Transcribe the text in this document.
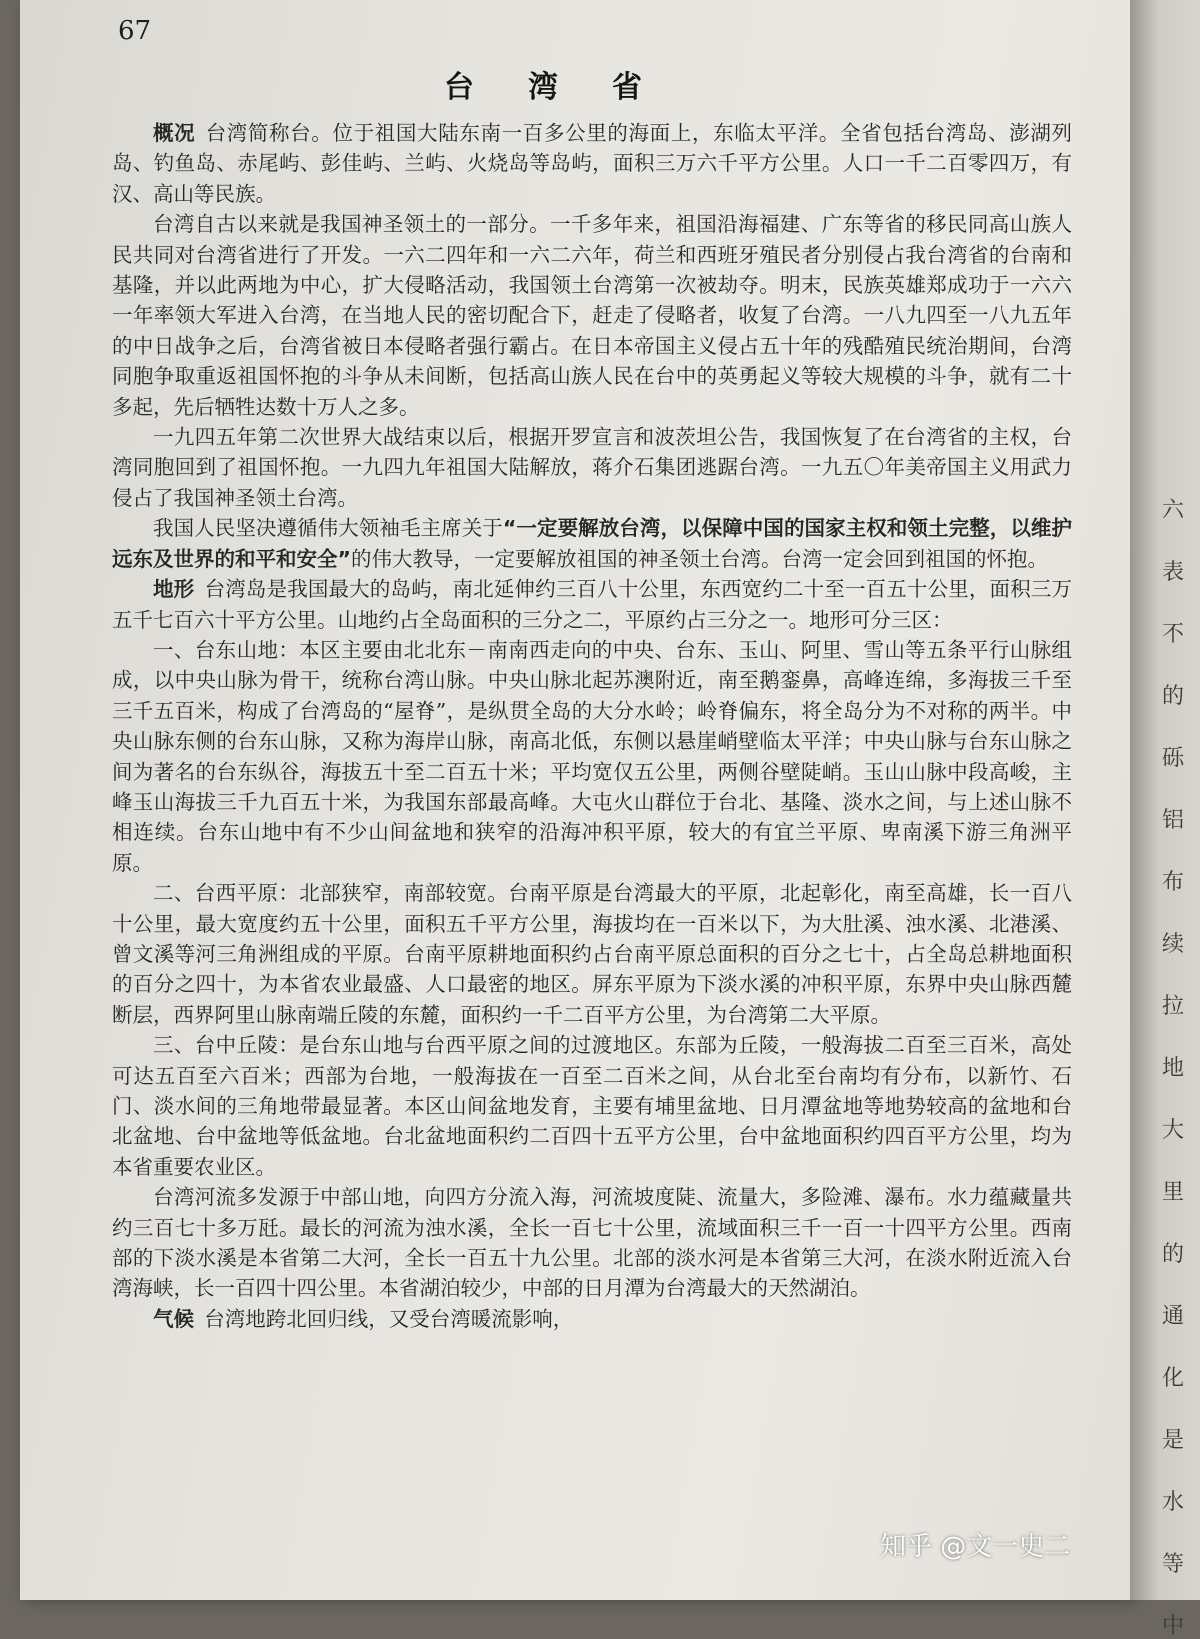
67
台湾省

概况 台湾简称台。位于祖国大陆东南一百多公里的海面上，东临太平洋。全省包括台湾岛、澎湖列岛、钓鱼岛、赤尾屿、彭佳屿、兰屿、火烧岛等岛屿，面积三万六千平方公里。人口一千二百零四万，有汉、高山等民族。

台湾自古以来就是我国神圣领土的一部分。一千多年来，祖国沿海福建、广东等省的移民同高山族人民共同对台湾省进行了开发。一六二四年和一六二六年，荷兰和西班牙殖民者分别侵占我台湾省的台南和基隆，并以此两地为中心，扩大侵略活动，我国领土台湾第一次被劫夺。明末，民族英雄郑成功于一六六一年率领大军进入台湾，在当地人民的密切配合下，赶走了侵略者，收复了台湾。一八九四至一八九五年的中日战争之后，台湾省被日本侵略者强行霸占。在日本帝国主义侵占五十年的残酷殖民统治期间，台湾同胞争取重返祖国怀抱的斗争从未间断，包括高山族人民在台中的英勇起义等较大规模的斗争，就有二十多起，先后牺牲达数十万人之多。

一九四五年第二次世界大战结束以后，根据开罗宣言和波茨坦公告，我国恢复了在台湾省的主权，台湾同胞回到了祖国怀抱。一九四九年祖国大陆解放，蒋介石集团逃踞台湾。一九五〇年美帝国主义用武力侵占了我国神圣领土台湾。

我国人民坚决遵循伟大领袖毛主席关于“一定要解放台湾，以保障中国的国家主权和领土完整，以维护远东及世界的和平和安全”的伟大教导，一定要解放祖国的神圣领土台湾。台湾一定会回到祖国的怀抱。

地形 台湾岛是我国最大的岛屿，南北延伸约三百八十公里，东西宽约二十至一百五十公里，面积三万五千七百六十平方公里。山地约占全岛面积的三分之二，平原约占三分之一。地形可分三区：

一、台东山地：本区主要由北北东－南南西走向的中央、台东、玉山、阿里、雪山等五条平行山脉组成，以中央山脉为骨干，统称台湾山脉。中央山脉北起苏澳附近，南至鹅銮鼻，高峰连绵，多海拔三千至三千五百米，构成了台湾岛的“屋脊”，是纵贯全岛的大分水岭；岭脊偏东，将全岛分为不对称的两半。中央山脉东侧的台东山脉，又称为海岸山脉，南高北低，东侧以悬崖峭壁临太平洋；中央山脉与台东山脉之间为著名的台东纵谷，海拔五十至二百五十米；平均宽仅五公里，两侧谷壁陡峭。玉山山脉中段高峻，主峰玉山海拔三千九百五十米，为我国东部最高峰。大屯火山群位于台北、基隆、淡水之间，与上述山脉不相连续。台东山地中有不少山间盆地和狭窄的沿海冲积平原，较大的有宜兰平原、卑南溪下游三角洲平原。

二、台西平原：北部狭窄，南部较宽。台南平原是台湾最大的平原，北起彰化，南至高雄，长一百八十公里，最大宽度约五十公里，面积五千平方公里，海拔均在一百米以下，为大肚溪、浊水溪、北港溪、曾文溪等河三角洲组成的平原。台南平原耕地面积约占台南平原总面积的百分之七十，占全岛总耕地面积的百分之四十，为本省农业最盛、人口最密的地区。屏东平原为下淡水溪的冲积平原，东界中央山脉西麓断层，西界阿里山脉南端丘陵的东麓，面积约一千二百平方公里，为台湾第二大平原。

三、台中丘陵：是台东山地与台西平原之间的过渡地区。东部为丘陵，一般海拔二百至三百米，高处可达五百至六百米；西部为台地，一般海拔在一百至二百米之间，从台北至台南均有分布，以新竹、石门、淡水间的三角地带最显著。本区山间盆地发育，主要有埔里盆地、日月潭盆地等地势较高的盆地和台北盆地、台中盆地等低盆地。台北盆地面积约二百四十五平方公里，台中盆地面积约四百平方公里，均为本省重要农业区。

台湾河流多发源于中部山地，向四方分流入海，河流坡度陡、流量大，多险滩、瀑布。水力蕴藏量共约三百七十多万瓩。最长的河流为浊水溪，全长一百七十公里，流域面积三千一百一十四平方公里。西南部的下淡水溪是本省第二大河，全长一百五十九公里。北部的淡水河是本省第三大河，在淡水附近流入台湾海峡，长一百四十四公里。本省湖泊较少，中部的日月潭为台湾最大的天然湖泊。

气候 台湾地跨北回归线，又受台湾暖流影响，

六
表
不
的
砾
铝
布
续
拉
地
大
里
的
通
化
是
水
等
中
知乎 @文一史二
